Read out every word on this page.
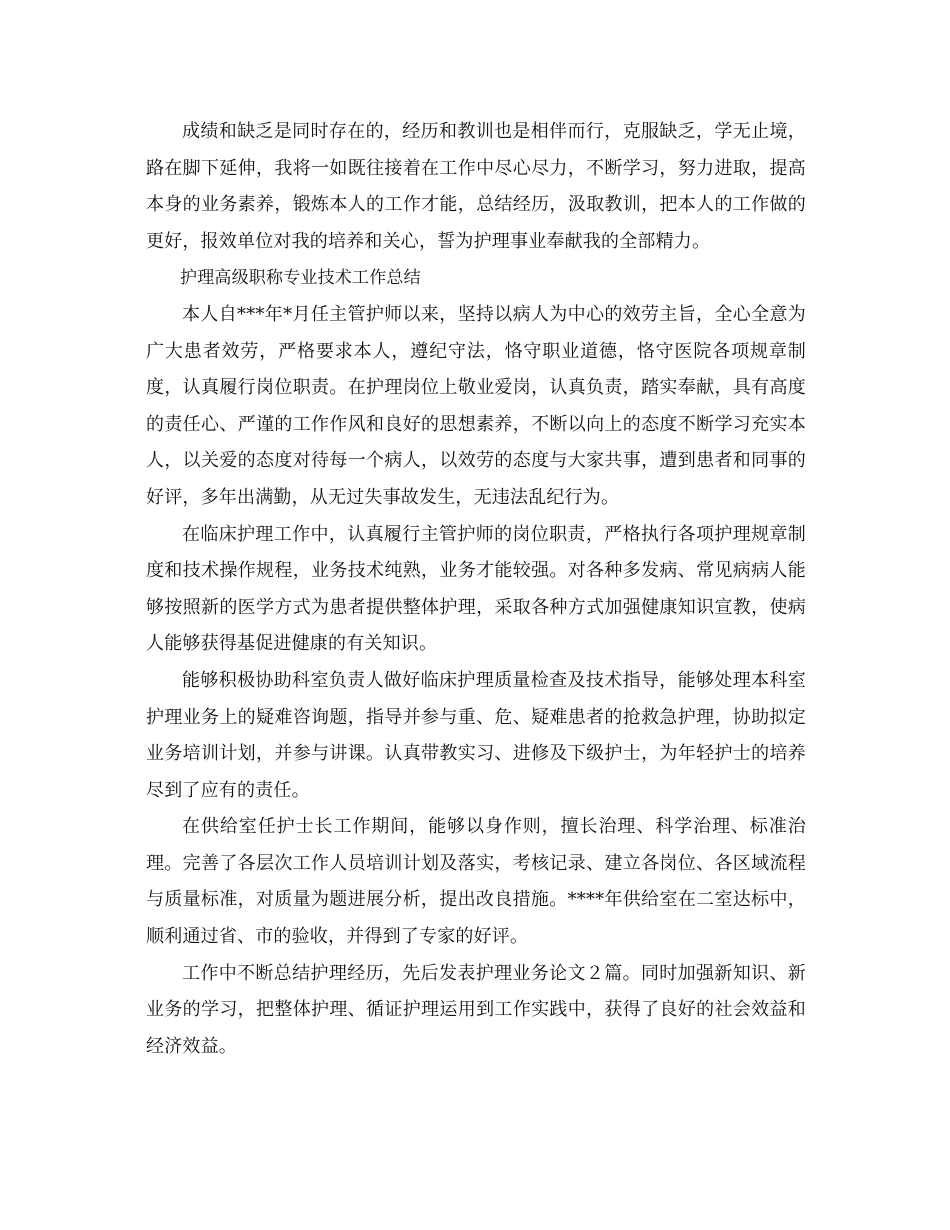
成绩和缺乏是同时存在的，经历和教训也是相伴而行，克服缺乏，学无止境，路在脚下延伸，我将一如既往接着在工作中尽心尽力，不断学习，努力进取，提高本身的业务素养，锻炼本人的工作才能，总结经历，汲取教训，把本人的工作做的更好，报效单位对我的培养和关心，誓为护理事业奉献我的全部精力。

护理高级职称专业技术工作总结

本人自***年*月任主管护师以来，坚持以病人为中心的效劳主旨，全心全意为广大患者效劳，严格要求本人，遵纪守法，恪守职业道德，恪守医院各项规章制度，认真履行岗位职责。在护理岗位上敬业爱岗，认真负责，踏实奉献，具有高度的责任心、严谨的工作作风和良好的思想素养，不断以向上的态度不断学习充实本人，以关爱的态度对待每一个病人，以效劳的态度与大家共事，遭到患者和同事的好评，多年出满勤，从无过失事故发生，无违法乱纪行为。

在临床护理工作中，认真履行主管护师的岗位职责，严格执行各项护理规章制度和技术操作规程，业务技术纯熟，业务才能较强。对各种多发病、常见病病人能够按照新的医学方式为患者提供整体护理，采取各种方式加强健康知识宣教，使病人能够获得基促进健康的有关知识。

能够积极协助科室负责人做好临床护理质量检查及技术指导，能够处理本科室护理业务上的疑难咨询题，指导并参与重、危、疑难患者的抢救急护理，协助拟定业务培训计划，并参与讲课。认真带教实习、进修及下级护士，为年轻护士的培养尽到了应有的责任。

在供给室任护士长工作期间，能够以身作则，擅长治理、科学治理、标准治理。完善了各层次工作人员培训计划及落实，考核记录、建立各岗位、各区域流程与质量标准，对质量为题进展分析，提出改良措施。****年供给室在二室达标中，顺利通过省、市的验收，并得到了专家的好评。

工作中不断总结护理经历，先后发表护理业务论文２篇。同时加强新知识、新业务的学习，把整体护理、循证护理运用到工作实践中，获得了良好的社会效益和经济效益。
